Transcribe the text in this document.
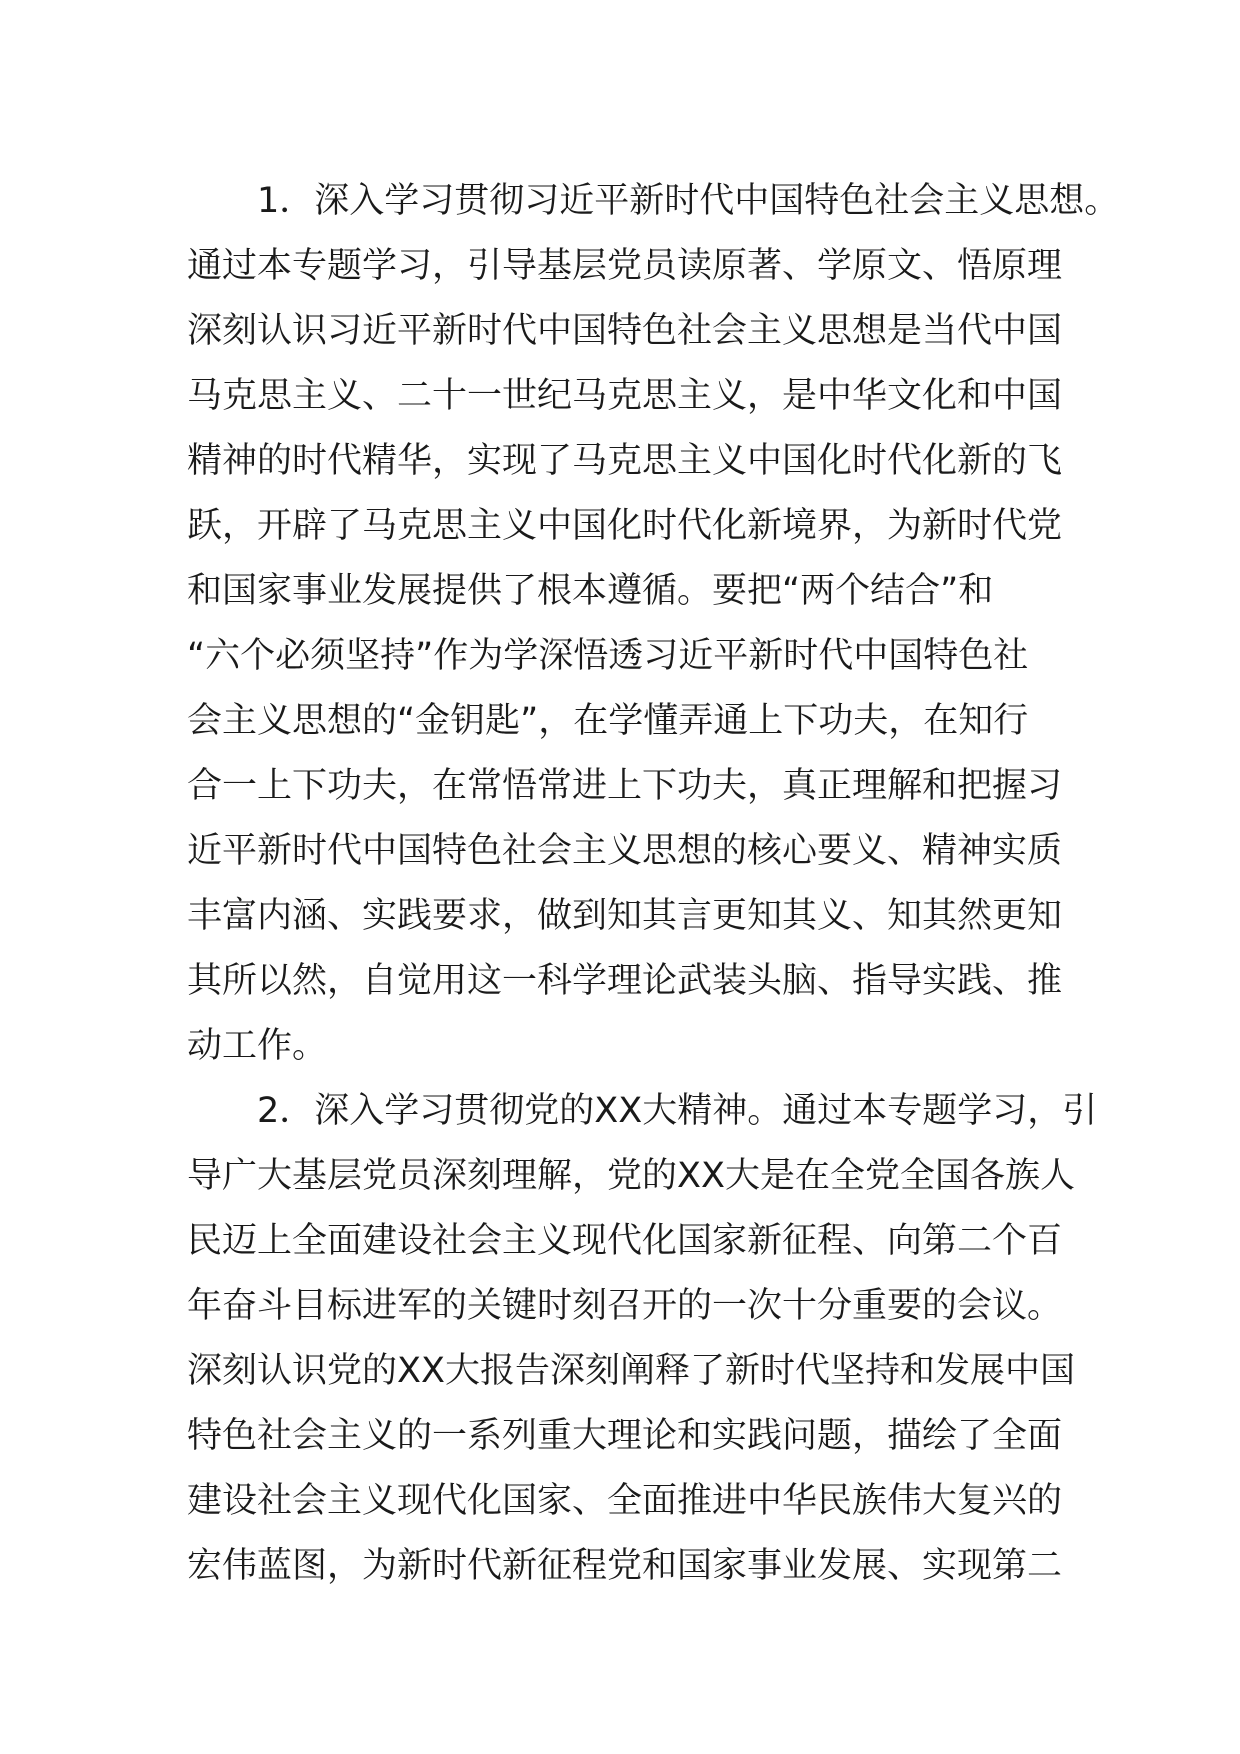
1．深入学习贯彻习近平新时代中国特色社会主义思想。
通过本专题学习，引导基层党员读原著、学原文、悟原理
深刻认识习近平新时代中国特色社会主义思想是当代中国
马克思主义、二十一世纪马克思主义，是中华文化和中国
精神的时代精华，实现了马克思主义中国化时代化新的飞
跃，开辟了马克思主义中国化时代化新境界，为新时代党
和国家事业发展提供了根本遵循。要把“两个结合”和
“六个必须坚持”作为学深悟透习近平新时代中国特色社
会主义思想的“金钥匙”，在学懂弄通上下功夫，在知行
合一上下功夫，在常悟常进上下功夫，真正理解和把握习
近平新时代中国特色社会主义思想的核心要义、精神实质
丰富内涵、实践要求，做到知其言更知其义、知其然更知
其所以然，自觉用这一科学理论武装头脑、指导实践、推
动工作。
2．深入学习贯彻党的XX大精神。通过本专题学习，引
导广大基层党员深刻理解，党的XX大是在全党全国各族人
民迈上全面建设社会主义现代化国家新征程、向第二个百
年奋斗目标进军的关键时刻召开的一次十分重要的会议。
深刻认识党的XX大报告深刻阐释了新时代坚持和发展中国
特色社会主义的一系列重大理论和实践问题，描绘了全面
建设社会主义现代化国家、全面推进中华民族伟大复兴的
宏伟蓝图，为新时代新征程党和国家事业发展、实现第二
